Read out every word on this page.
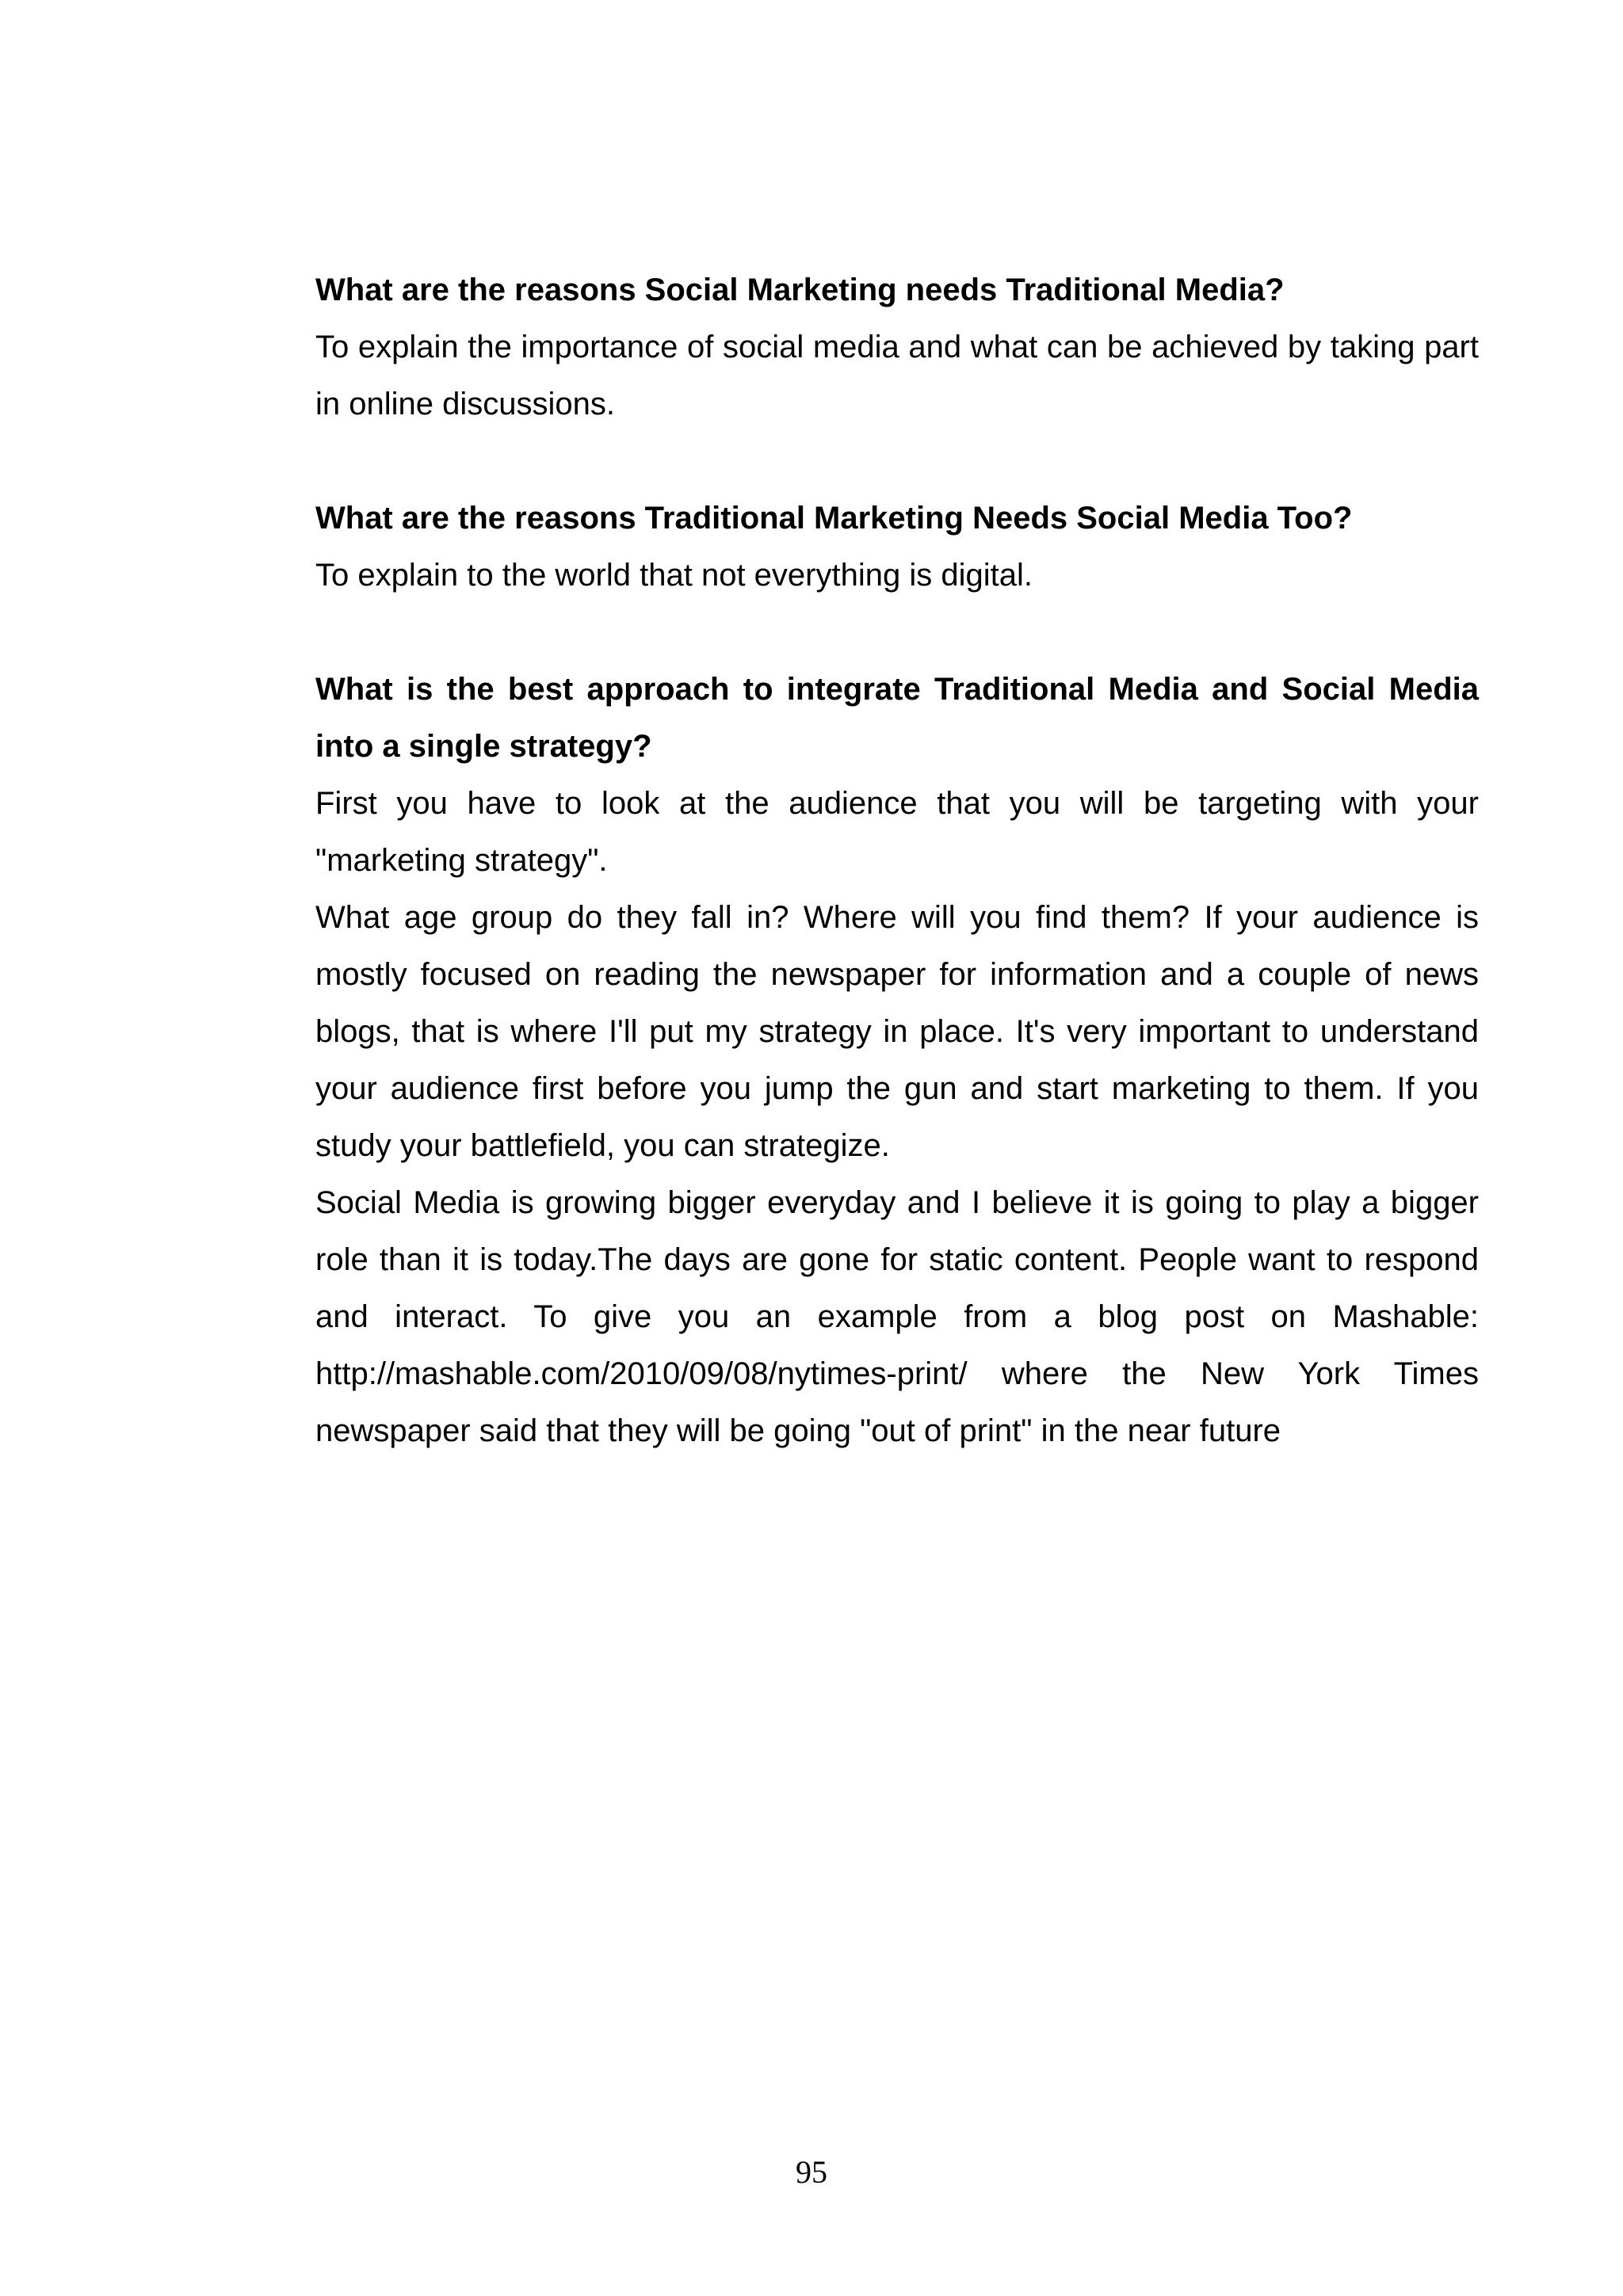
What are the reasons Social Marketing needs Traditional Media?

To explain the importance of social media and what can be achieved by taking part in online discussions.

What are the reasons Traditional Marketing Needs Social Media Too?

To explain to the world that not everything is digital.

What is the best approach to integrate Traditional Media and Social Media into a single strategy?

First you have to look at the audience that you will be targeting with your "marketing strategy".

What age group do they fall in? Where will you find them? If your audience is mostly focused on reading the newspaper for information and a couple of news blogs, that is where I'll put my strategy in place. It's very important to understand your audience first before you jump the gun and start marketing to them. If you study your battlefield, you can strategize.

Social Media is growing bigger everyday and I believe it is going to play a bigger role than it is today.The days are gone for static content. People want to respond and interact. To give you an example from a blog post on Mashable: http://mashable.com/2010/09/08/nytimes-print/ where the New York Times newspaper said that they will be going "out of print" in the near future

95
